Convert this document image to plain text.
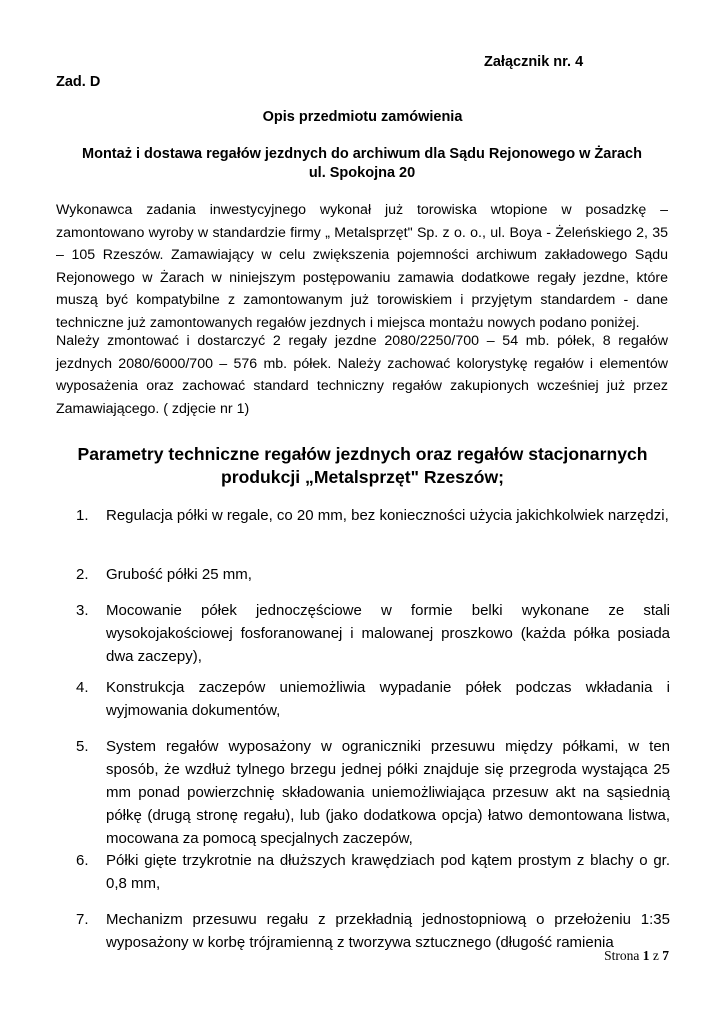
Załącznik nr. 4
Zad. D
Opis przedmiotu zamówienia
Montaż i dostawa regałów jezdnych do archiwum dla Sądu Rejonowego w Żarach
ul. Spokojna 20
Wykonawca zadania inwestycyjnego wykonał już torowiska wtopione w posadzkę – zamontowano wyroby w standardzie firmy „ Metalsprzęt" Sp. z o. o., ul. Boya - Żeleńskiego 2, 35 – 105 Rzeszów. Zamawiający w celu zwiększenia pojemności archiwum zakładowego Sądu Rejonowego w Żarach w niniejszym postępowaniu zamawia dodatkowe regały jezdne, które muszą być kompatybilne z zamontowanym już torowiskiem i przyjętym standardem - dane techniczne już zamontowanych regałów jezdnych i miejsca montażu nowych podano poniżej.
Należy zmontować i dostarczyć 2 regały jezdne 2080/2250/700 – 54 mb. półek, 8 regałów jezdnych 2080/6000/700 – 576 mb. półek. Należy zachować kolorystykę regałów i elementów wyposażenia oraz zachować standard techniczny regałów zakupionych wcześniej już przez Zamawiającego. ( zdjęcie nr 1)
Parametry techniczne regałów jezdnych oraz regałów stacjonarnych
produkcji „Metalsprzęt" Rzeszów;
1.	Regulacja półki w regale, co 20 mm, bez konieczności użycia jakichkolwiek narzędzi,
2.	Grubość półki 25 mm,
3.	Mocowanie półek jednoczęściowe w formie belki wykonane ze stali wysokojakościowej fosforanowanej i malowanej proszkowo (każda półka posiada dwa zaczepy),
4.	Konstrukcja zaczepów uniemożliwia wypadanie półek podczas wkładania i wyjmowania dokumentów,
5.	System regałów wyposażony w ograniczniki przesuwu między półkami, w ten sposób, że wzdłuż tylnego brzegu jednej półki znajduje się przegroda wystająca 25 mm ponad powierzchnię składowania uniemożliwiająca przesuw akt na sąsiednią półkę (drugą stronę regału), lub (jako dodatkowa opcja) łatwo demontowana listwa, mocowana za pomocą specjalnych zaczepów,
6.	Półki gięte trzykrotnie na dłuższych krawędziach pod kątem prostym z blachy o gr. 0,8 mm,
7.	Mechanizm przesuwu regału z przekładnią jednostopniową o przełożeniu 1:35 wyposażony w korbę trójramienną z tworzywa sztucznego (długość ramienia
Strona 1 z 7
